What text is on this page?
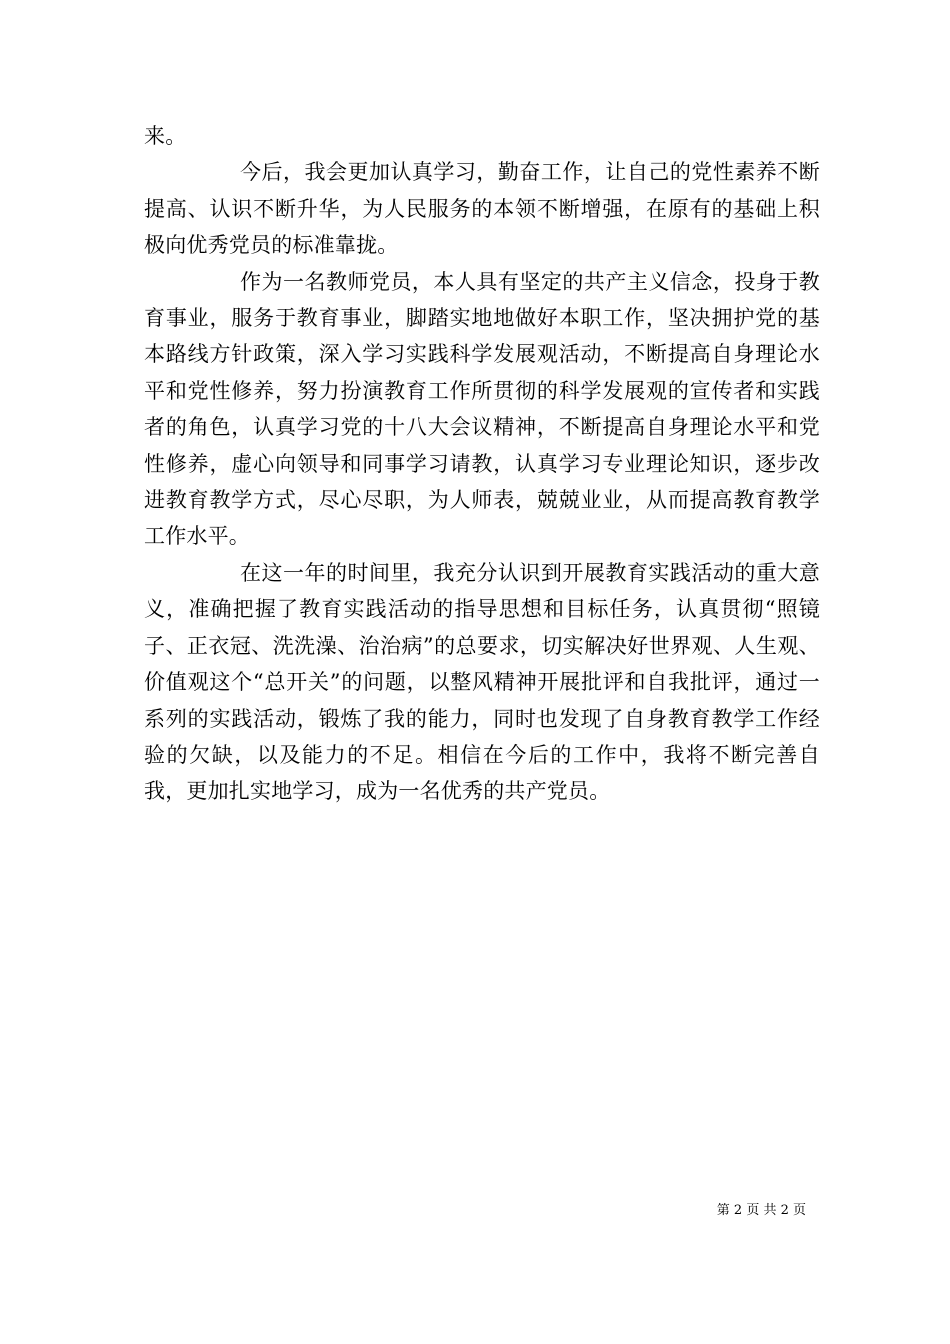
来。

今后，我会更加认真学习，勤奋工作，让自己的党性素养不断提高、认识不断升华，为人民服务的本领不断增强，在原有的基础上积极向优秀党员的标准靠拢。

作为一名教师党员，本人具有坚定的共产主义信念，投身于教育事业，服务于教育事业，脚踏实地地做好本职工作，坚决拥护党的基本路线方针政策，深入学习实践科学发展观活动，不断提高自身理论水平和党性修养，努力扮演教育工作所贯彻的科学发展观的宣传者和实践者的角色，认真学习党的十八大会议精神，不断提高自身理论水平和党性修养，虚心向领导和同事学习请教，认真学习专业理论知识，逐步改进教育教学方式，尽心尽职，为人师表，兢兢业业，从而提高教育教学工作水平。

在这一年的时间里，我充分认识到开展教育实践活动的重大意义，准确把握了教育实践活动的指导思想和目标任务，认真贯彻“照镜子、正衣冠、洗洗澡、治治病”的总要求，切实解决好世界观、人生观、价值观这个“总开关”的问题，以整风精神开展批评和自我批评，通过一系列的实践活动，锻炼了我的能力，同时也发现了自身教育教学工作经验的欠缺，以及能力的不足。相信在今后的工作中，我将不断完善自我，更加扎实地学习，成为一名优秀的共产党员。

第 2 页 共 2 页
